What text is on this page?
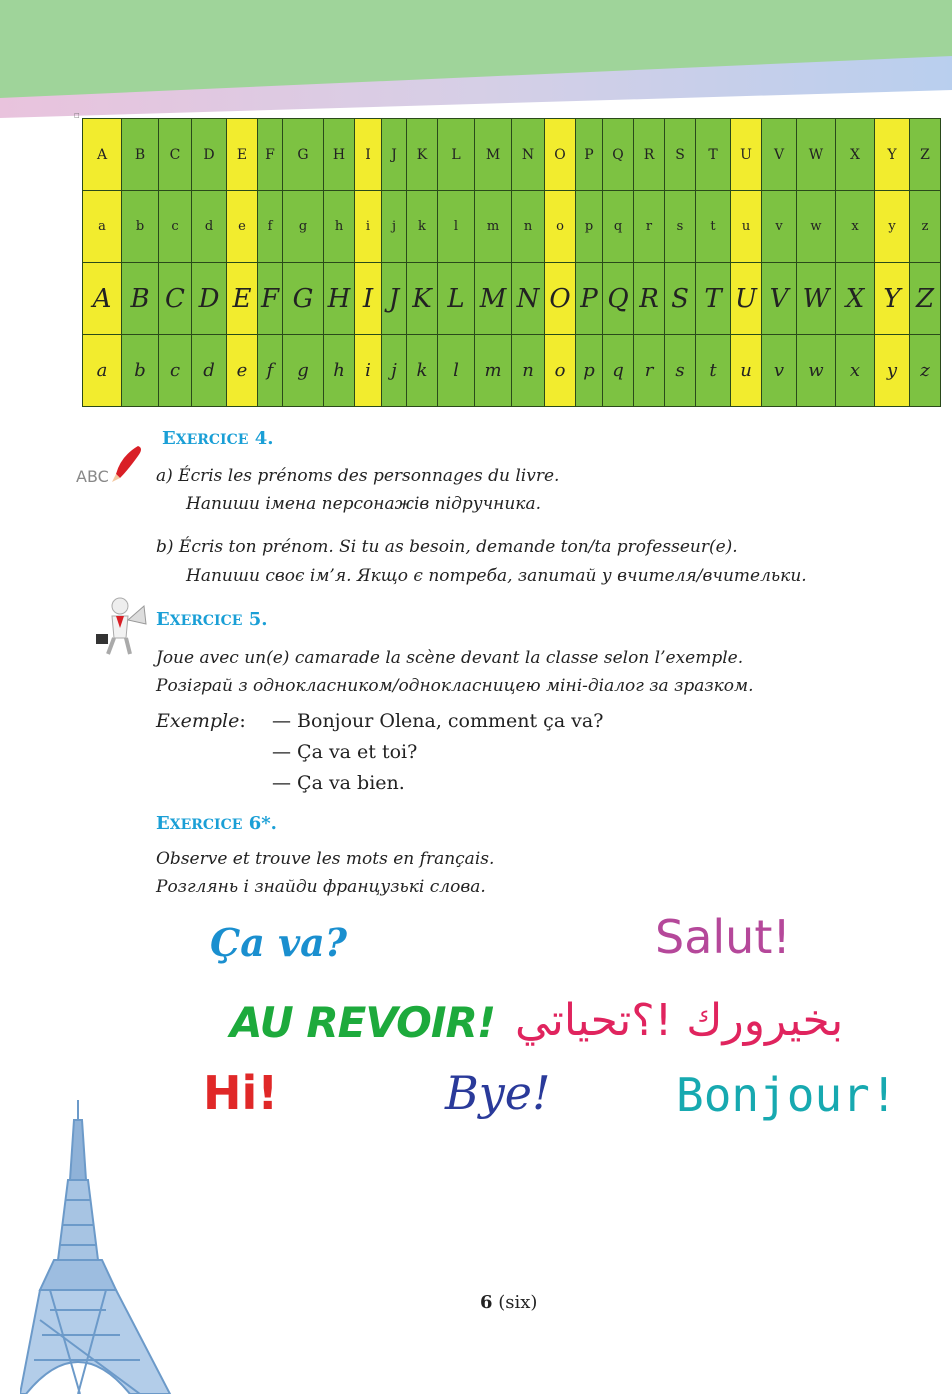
□
A	B	C	D	E	F	G	H	I	J	K	L	M	N	O	P	Q	R	S	T	U	V	W	X	Y	Z
a	b	c	d	e	f	g	h	i	j	k	l	m	n	o	p	q	r	s	t	u	v	w	x	y	z
A	B	C	D	E	F	G	H	I	J	K	L	M	N	O	P	Q	R	S	T	U	V	W	X	Y	Z
a	b	c	d	e	f	g	h	i	j	k	l	m	n	o	p	q	r	s	t	u	v	w	x	y	z
ABC
EXERCICE 4.
a) Écris les prénoms des personnages du livre.
Напиши імена персонажів підручника.
b) Écris ton prénom. Si tu as besoin, demande ton/ta professeur(e).
Напиши своє ім’я. Якщо є потреба, запитай у вчителя/вчительки.
EXERCICE 5.
Joue avec un(e) camarade la scène devant la classe selon l’exemple.
Розіграй з однокласником/однокласницею міні-діалог за зразком.
Exemple: — Bonjour Olena, comment ça va?
— Ça va et toi?
— Ça va bien.
EXERCICE 6*.
Observe et trouve les mots en français.
Розглянь і знайди французькі слова.
Ça va?	Salut!
AU REVOIR! بخيرورك !؟تحياتي
Hi!	Bye!	Bonjour!
6 (six)
